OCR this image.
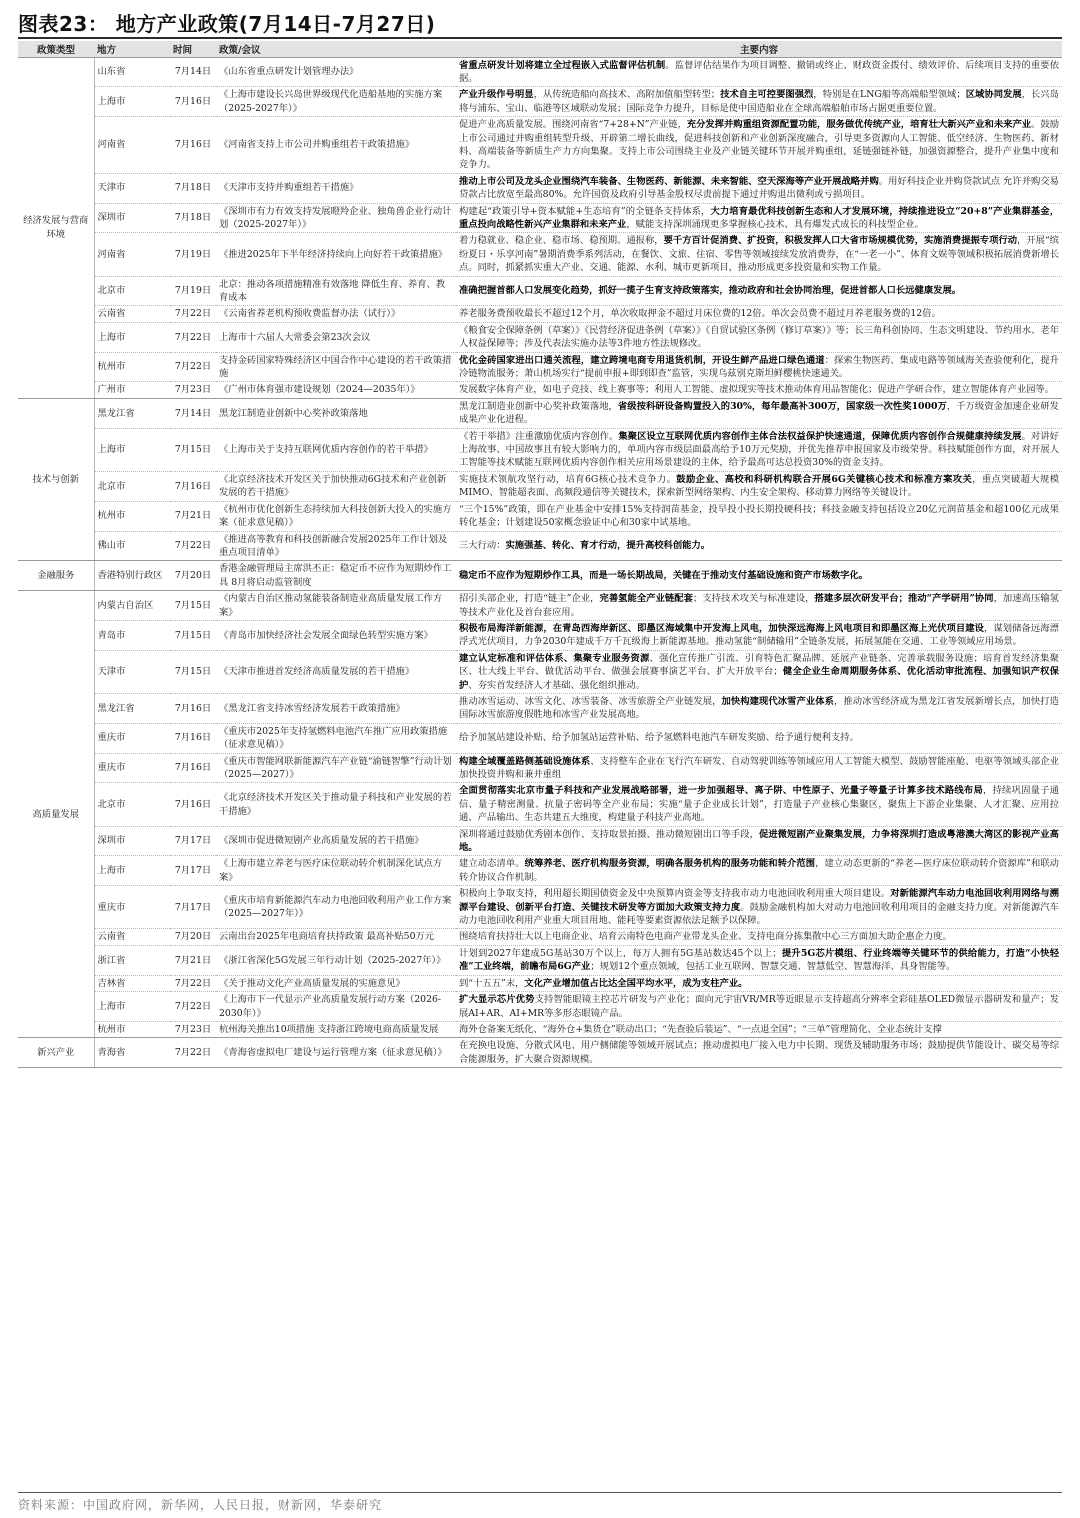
图表23： 地方产业政策(7月14日-7月27日)
政策类型	地方	时间	政策/会议	主要内容
经济发展与营商环境	山东省	7月14日	《山东省重点研发计划管理办法》	省重点研发计划将建立全过程嵌入式监督评估机制。监督评估结果作为项目调整、撤销或终止、财政资金拨付、绩效评价、后续项目支持的重要依据。
	上海市	7月16日	《上海市建设长兴岛世界级现代化造船基地的实施方案（2025-2027年）》	产业升级作号明显，从传统造船向高技术、高附加值船型转型；技术自主可控要图强烈，特别是在LNG船等高端船型领域；区域协同发展，长兴岛将与浦东、宝山、临港等区域联动发展；国际竞争力提升，目标是使中国造船业在全球高端船舶市场占据更重要位置。
	河南省	7月16日	《河南省支持上市公司并购重组若干政策措施》	促进产业高质量发展。围绕河南省“7+28+N”产业链，充分发挥并购重组资源配置功能，服务做优传统产业，培育壮大新兴产业和未来产业。鼓励上市公司通过并购重组转型升级、开辟第二增长曲线，促进科技创新和产业创新深度融合，引导更多资源向人工智能、低空经济、生物医药、新材料、高端装备等新质生产力方向集聚。支持上市公司围绕主业及产业链关键环节开展并购重组，延链强链补链，加强资源整合，提升产业集中度和竞争力。
	天津市	7月18日	《天津市支持并购重组若干措施》	推动上市公司及龙头企业围绕汽车装备、生物医药、新能源、未来智能、空天深海等产业开展战略并购。用好科技企业并购贷款试点 允许并购交易贷款占比放宽至最高80%。允许国资及政府引导基金股权尽责前提下通过并购退出微利或亏损项目。
	深圳市	7月18日	《深圳市有力有效支持发展瞪羚企业、独角兽企业行动计划（2025-2027年）》	构建起“政策引导+资本赋能+生态培育”的全链条支持体系，大力培育最优科技创新生态和人才发展环境，持续推进设立“20+8”产业集群基金，重点投向战略性新兴产业集群和未来产业，赋能支持深圳涌现更多掌握核心技术、具有爆发式成长的科技型企业。
	河南省	7月19日	《推进2025年下半年经济持续向上向好若干政策措施》	着力稳就业、稳企业、稳市场、稳预期。通报称，要千方百计促消费、扩投资，积极发挥人口大省市场规模优势，实施消费提振专项行动，开展“缤纷夏日・乐享河南”暑期消费季系列活动，在餐饮、文旅、住宿、零售等领域接续发放消费券，在“一老一小”、体育文娱等领域积极拓展消费新增长点。同时，抓紧抓实重大产业、交通、能源、水利、城市更新项目，推动形成更多投资量和实物工作量。
	北京市	7月19日	北京：推动各项措施精准有效落地 降低生育、养育、教育成本	准确把握首都人口发展变化趋势，抓好一揽子生育支持政策落实，推动政府和社会协同治理，促进首都人口长远健康发展。
	云南省	7月22日	《云南省养老机构预收费监督办法（试行）》	养老服务费预收最长不超过12个月，单次收取押金不超过月床位费的12倍。单次会员费不超过月养老服务费的12倍。
	上海市	7月22日	上海市十六届人大常委会第23次会议	《粮食安全保障条例（草案）》《民营经济促进条例（草案）》《自贸试验区条例（修订草案）》等；长三角科创协同、生态文明建设、节约用水、老年人权益保障等；涉及代表法实施办法等3件地方性法规修改。
	杭州市	7月22日	支持金砖国家特殊经济区中国合作中心建设的若干政策措施	优化金砖国家进出口通关流程，建立跨境电商专用退货机制，开设生鲜产品进口绿色通道：探索生物医药、集成电路等领域海关查验便利化，提升冷链物流服务；萧山机场实行“提前申报+即到即查”监管，实现乌兹别克斯坦鲜樱桃快速通关。
	广州市	7月23日	《广州市体育强市建设规划（2024—2035年）》	发展数字体育产业，如电子竞技、线上赛事等；利用人工智能、虚拟现实等技术推动体育用品智能化；促进产学研合作，建立智能体育产业园等。
技术与创新	黑龙江省	7月14日	黑龙江制造业创新中心奖补政策落地	黑龙江制造业创新中心奖补政策落地，省级按科研设备购置投入的30%，每年最高补300万，国家级一次性奖1000万，千万级资金加速企业研发成果产业化进程。
	上海市	7月15日	《上海市关于支持互联网优质内容创作的若干举措》	《若干举措》注重激励优质内容创作。集聚区设立互联网优质内容创作主体合法权益保护快速通道，保障优质内容创作合规健康持续发展。对讲好上海故事、中国故事且有较大影响力的，单项内容市级层面最高给予10万元奖励，并优先推荐申报国家及市级荣誉。科技赋能创作方面，对开展人工智能等技术赋能互联网优质内容创作相关应用场景建设的主体，给予最高可达总投资30%的资金支持。
	北京市	7月16日	《北京经济技术开发区关于加快推动6G技术和产业创新发展的若干措施》	实施技术领航攻坚行动，培育6G核心技术竞争力。鼓励企业、高校和科研机构联合开展6G关键核心技术和标准方案攻关，重点突破超大规模MIMO、智能超表面、高频段通信等关键技术，探索新型网络架构、内生安全架构、移动算力网络等关键设计。
	杭州市	7月21日	《杭州市优化创新生态持续加大科技创新大投入的实施方案（征求意见稿）》	“三个15%”政策，即在产业基金中安排15%支持润苗基金，投早投小投长期投硬科技；科技金融支持包括设立20亿元润苗基金和超100亿元成果转化基金；计划建设50家概念验证中心和30家中试基地。
	佛山市	7月22日	《推进高等教育和科技创新融合发展2025年工作计划及重点项目清单》	三大行动：实施强基、转化、育才行动，提升高校科创能力。
金融服务	香港特别行政区	7月20日	香港金融管理局主席洪丕正：稳定币不应作为短期炒作工具 8月将启动监管制度	稳定币不应作为短期炒作工具，而是一场长期战局，关键在于推动支付基础设施和资产市场数字化。
高质量发展	内蒙古自治区	7月15日	《内蒙古自治区推动氢能装备制造业高质量发展工作方案》	招引头部企业，打造“链主”企业，完善氢能全产业链配套；支持技术攻关与标准建设，搭建多层次研发平台；推动“产学研用”协同，加速高压输氢等技术产业化及首台套应用。
	青岛市	7月15日	《青岛市加快经济社会发展全面绿色转型实施方案》	积极布局海洋新能源，在青岛西海岸新区、即墨区海域集中开发海上风电，加快深远海海上风电项目和即墨区海上光伏项目建设，谋划储备远海漂浮式光伏项目，力争2030年建成千万千瓦级海上新能源基地。推动氢能“制储输用”全链条发展，拓展氢能在交通、工业等领域应用场景。
	天津市	7月15日	《天津市推进首发经济高质量发展的若干措施》	建立认定标准和评估体系、集聚专业服务资源、强化宣传推广引流、引育特色汇聚品牌、延展产业链条、完善承载服务设施；培育首发经济集聚区、壮大线上平台、做优活动平台、做强会展赛事演艺平台、扩大开放平台；健全企业生命周期服务体系、优化活动审批流程、加强知识产权保护、夯实首发经济人才基础、强化组织推动。
	黑龙江省	7月16日	《黑龙江省支持冰雪经济发展若干政策措施》	推动冰雪运动、冰雪文化、冰雪装备、冰雪旅游全产业链发展，加快构建现代冰雪产业体系，推动冰雪经济成为黑龙江省发展新增长点，加快打造国际冰雪旅游度假胜地和冰雪产业发展高地。
	重庆市	7月16日	《重庆市2025年支持氢燃料电池汽车推广应用政策措施（征求意见稿）》	给予加氢站建设补贴、给予加氢站运营补贴、给予氢燃料电池汽车研发奖励、给予通行便利支持。
	重庆市	7月16日	《重庆市智能网联新能源汽车产业链“渝链智擎”行动计划（2025—2027）》	构建全域覆盖路侧基础设施体系、支持整车企业在飞行汽车研发、自动驾驶训练等领域应用人工智能大模型、鼓励智能座舱、电驱等领域头部企业加快投资并购和兼并重组
	北京市	7月16日	《北京经济技术开发区关于推动量子科技和产业发展的若干措施》	全面贯彻落实北京市量子科技和产业发展战略部署，进一步加强超导、离子阱、中性原子、光量子等量子计算多技术路线布局，持续巩固量子通信、量子精密测量、抗量子密码等全产业布局；实施“量子企业成长计划”，打造量子产业核心集聚区，聚焦上下游企业集聚、人才汇聚、应用拉通、产品输出、生态共建五大维度，构建量子科技产业高地。
	深圳市	7月17日	《深圳市促进微短剧产业高质量发展的若干措施》	深圳将通过鼓励优秀剧本创作、支持取景拍摄、推动微短剧出口等手段，促进微短剧产业聚集发展，力争将深圳打造成粤港澳大湾区的影视产业高地。
	上海市	7月17日	《上海市建立养老与医疗床位联动转介机制深化试点方案》	建立动态清单。统筹养老、医疗机构服务资源，明确各服务机构的服务功能和转介范围，建立动态更新的“养老—医疗床位联动转介资源库”和联动转介协议合作机制。
	重庆市	7月17日	《重庆市培育新能源汽车动力电池回收利用产业工作方案（2025—2027年）》	积极向上争取支持，利用超长期国债资金及中央预算内资金等支持我市动力电池回收利用重大项目建设。对新能源汽车动力电池回收利用网络与溯源平台建设、创新平台打造、关键技术研发等方面加大政策支持力度。鼓励金融机构加大对动力电池回收利用项目的金融支持力度。对新能源汽车动力电池回收利用产业重大项目用地、能耗等要素资源依法足额予以保障。
	云南省	7月20日	云南出台2025年电商培育扶持政策 最高补贴50万元	围绕培育扶持壮大以上电商企业、培育云南特色电商产业带龙头企业、支持电商分拣集散中心三方面加大助企惠企力度。
	浙江省	7月21日	《浙江省深化5G发展三年行动计划（2025-2027年）》	计划到2027年建成5G基站30万个以上，每万人拥有5G基站数达45个以上；提升5G芯片模组、行业终端等关键环节的供给能力，打造“小快轻准”工业终端，前瞻布局6G产业；规划12个重点领域，包括工业互联网、智慧交通、智慧低空、智慧海洋、具身智能等。
	吉林省	7月22日	《关于推动文化产业高质量发展的实施意见》	到“十五五”末，文化产业增加值占比达全国平均水平，成为支柱产业。
	上海市	7月22日	《上海市下一代显示产业高质量发展行动方案（2026-2030年）》	扩大显示芯片优势支持智能眼镜主控芯片研发与产业化；面向元宇宙VR/MR等近眼显示支持超高分辨率全彩硅基OLED微显示器研发和量产；发展AI+AR、AI+MR等多形态眼镜产品。
	杭州市	7月23日	杭州海关推出10项措施 支持浙江跨境电商高质量发展	海外仓备案无纸化、“海外仓+集货仓”联动出口；“先查验后装运”、“一点退全国”；“三单”管理简化、全业态统计支撑
新兴产业	青海省	7月22日	《青海省虚拟电厂建设与运行管理方案（征求意见稿）》	在充换电设施、分散式风电、用户侧储能等领域开展试点；推动虚拟电厂接入电力中长期、现货及辅助服务市场；鼓励提供节能设计、碳交易等综合能源服务，扩大聚合资源规模。
资料来源：中国政府网，新华网，人民日报，财新网，华泰研究
